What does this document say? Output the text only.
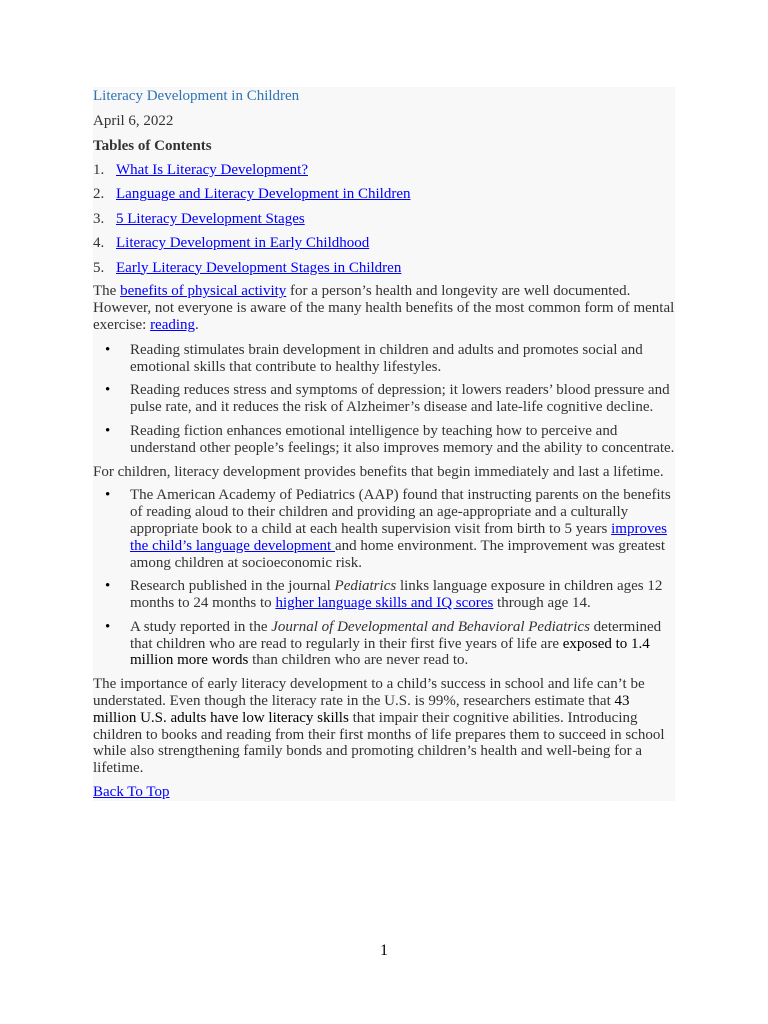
Literacy Development in Children
April 6, 2022
Tables of Contents
1. What Is Literacy Development?
2. Language and Literacy Development in Children
3. 5 Literacy Development Stages
4. Literacy Development in Early Childhood
5. Early Literacy Development Stages in Children

The benefits of physical activity for a person’s health and longevity are well documented. However, not everyone is aware of the many health benefits of the most common form of mental exercise: reading.

• Reading stimulates brain development in children and adults and promotes social and emotional skills that contribute to healthy lifestyles.
• Reading reduces stress and symptoms of depression; it lowers readers’ blood pressure and pulse rate, and it reduces the risk of Alzheimer’s disease and late-life cognitive decline.
• Reading fiction enhances emotional intelligence by teaching how to perceive and understand other people’s feelings; it also improves memory and the ability to concentrate.

For children, literacy development provides benefits that begin immediately and last a lifetime.

• The American Academy of Pediatrics (AAP) found that instructing parents on the benefits of reading aloud to their children and providing an age-appropriate and a culturally appropriate book to a child at each health supervision visit from birth to 5 years improves the child’s language development and home environment. The improvement was greatest among children at socioeconomic risk.
• Research published in the journal Pediatrics links language exposure in children ages 12 months to 24 months to higher language skills and IQ scores through age 14.
• A study reported in the Journal of Developmental and Behavioral Pediatrics determined that children who are read to regularly in their first five years of life are exposed to 1.4 million more words than children who are never read to.

The importance of early literacy development to a child’s success in school and life can’t be understated. Even though the literacy rate in the U.S. is 99%, researchers estimate that 43 million U.S. adults have low literacy skills that impair their cognitive abilities. Introducing children to books and reading from their first months of life prepares them to succeed in school while also strengthening family bonds and promoting children’s health and well-being for a lifetime.

Back To Top

1
